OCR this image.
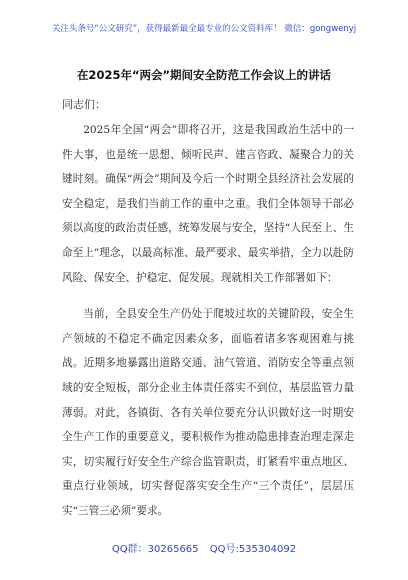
关注头条号“公文研究”，获得最新最全最专业的公文资料库！ 微信：gongwenyj
在2025年“两会”期间安全防范工作会议上的讲话
同志们：

2025年全国“两会”即将召开，这是我国政治生活中的一件大事，也是统一思想、倾听民声、建言咨政、凝聚合力的关键时刻。确保“两会”期间及今后一个时期全县经济社会发展的安全稳定，是我们当前工作的重中之重。我们全体领导干部必须以高度的政治责任感，统筹发展与安全，坚持“人民至上、生命至上”理念，以最高标准、最严要求、最实举措，全力以赴防风险、保安全、护稳定、促发展。现就相关工作部署如下：

当前，全县安全生产仍处于爬坡过坎的关键阶段，安全生产领域的不稳定不确定因素众多，面临着诸多客观困难与挑战。近期多地暴露出道路交通、油气管道、消防安全等重点领域的安全短板，部分企业主体责任落实不到位，基层监管力量薄弱。对此，各镇街、各有关单位要充分认识做好这一时期安全生产工作的重要意义，要积极作为推动隐患排查治理走深走实，切实履行好安全生产综合监管职责，盯紧看牢重点地区、重点行业领域，切实督促落实安全生产“三个责任”，层层压实“三管三必须”要求。

QQ群：30265665 QQ号:535304092
